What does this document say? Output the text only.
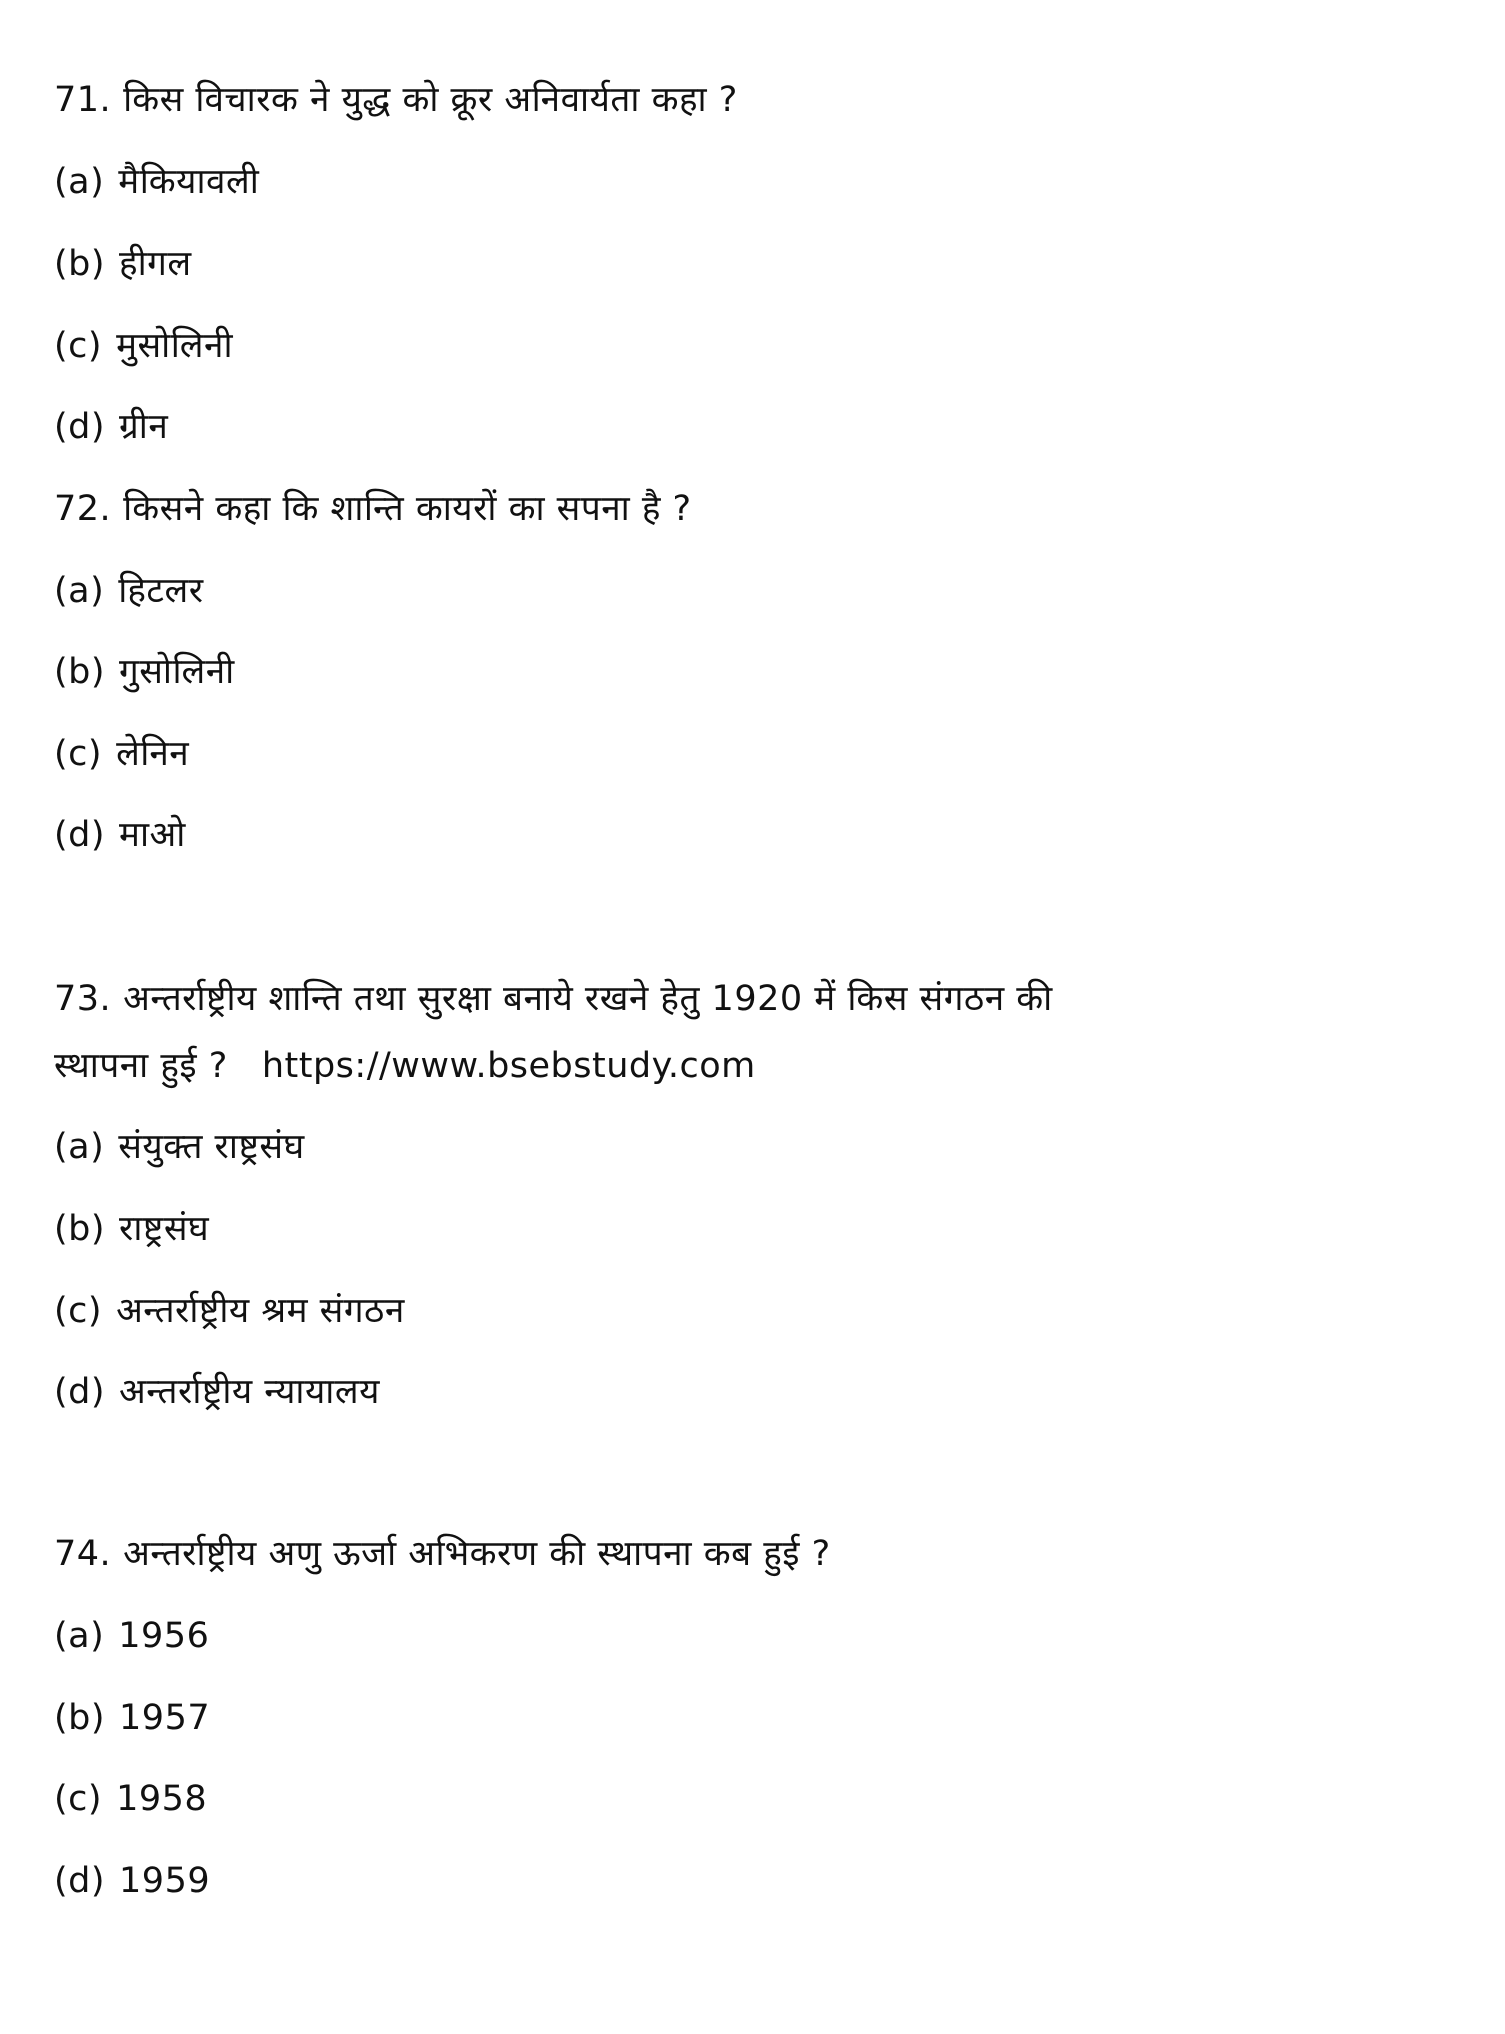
71. किस विचारक ने युद्ध को क्रूर अनिवार्यता कहा ?
(a) मैकियावली
(b) हीगल
(c) मुसोलिनी
(d) ग्रीन
72. किसने कहा कि शान्ति कायरों का सपना है ?
(a) हिटलर
(b) गुसोलिनी
(c) लेनिन
(d) माओ
73. अन्तर्राष्ट्रीय शान्ति तथा सुरक्षा बनाये रखने हेतु 1920 में किस संगठन की
स्थापना हुई ? https://www.bsebstudy.com
(a) संयुक्त राष्ट्रसंघ
(b) राष्ट्रसंघ
(c) अन्तर्राष्ट्रीय श्रम संगठन
(d) अन्तर्राष्ट्रीय न्यायालय
74. अन्तर्राष्ट्रीय अणु ऊर्जा अभिकरण की स्थापना कब हुई ?
(a) 1956
(b) 1957
(c) 1958
(d) 1959
